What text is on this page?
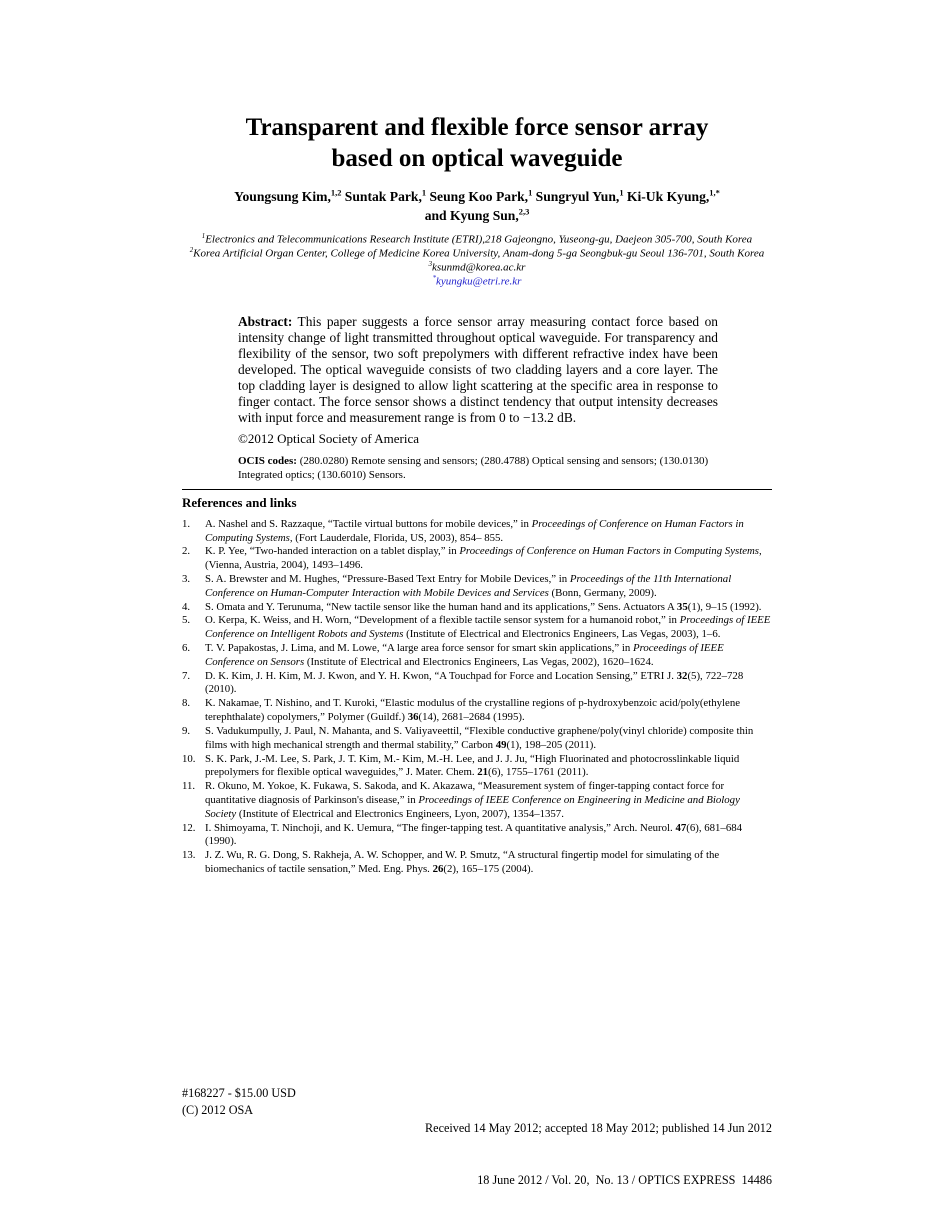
Transparent and flexible force sensor array
based on optical waveguide
Youngsung Kim,$^{1,2}$ Suntak Park,$^1$ Seung Koo Park,$^1$ Sungryul Yun,$^1$ Ki-Uk Kyung,$^{1,*}$
and Kyung Sun,$^{2,3}$
$^1$Electronics and Telecommunications Research Institute (ETRI),218 Gajeongno, Yuseong-gu, Daejeon 305-700, South Korea
$^2$Korea Artificial Organ Center, College of Medicine Korea University, Anam-dong 5-ga Seongbuk-gu Seoul 136-701, South Korea
$^3$ksunmd@korea.ac.kr
*kyungku@etri.re.kr

Abstract: This paper suggests a force sensor array measuring contact force based on intensity change of light transmitted throughout optical waveguide. For transparency and flexibility of the sensor, two soft prepolymers with different refractive index have been developed. The optical waveguide consists of two cladding layers and a core layer. The top cladding layer is designed to allow light scattering at the specific area in response to finger contact. The force sensor shows a distinct tendency that output intensity decreases with input force and measurement range is from 0 to −13.2 dB.

©2012 Optical Society of America

OCIS codes: (280.0280) Remote sensing and sensors; (280.4788) Optical sensing and sensors; (130.0130) Integrated optics; (130.6010) Sensors.

References and links
1. A. Nashel and S. Razzaque, “Tactile virtual buttons for mobile devices,” in Proceedings of Conference on Human Factors in Computing Systems, (Fort Lauderdale, Florida, US, 2003), 854– 855.
2. K. P. Yee, “Two-handed interaction on a tablet display,” in Proceedings of Conference on Human Factors in Computing Systems, (Vienna, Austria, 2004), 1493–1496.
3. S. A. Brewster and M. Hughes, “Pressure-Based Text Entry for Mobile Devices,” in Proceedings of the 11th International Conference on Human-Computer Interaction with Mobile Devices and Services (Bonn, Germany, 2009).
4. S. Omata and Y. Terunuma, “New tactile sensor like the human hand and its applications,” Sens. Actuators A 35(1), 9–15 (1992).
5. O. Kerpa, K. Weiss, and H. Worn, “Development of a flexible tactile sensor system for a humanoid robot,” in Proceedings of IEEE Conference on Intelligent Robots and Systems (Institute of Electrical and Electronics Engineers, Las Vegas, 2003), 1–6.
6. T. V. Papakostas, J. Lima, and M. Lowe, “A large area force sensor for smart skin applications,” in Proceedings of IEEE Conference on Sensors (Institute of Electrical and Electronics Engineers, Las Vegas, 2002), 1620–1624.
7. D. K. Kim, J. H. Kim, M. J. Kwon, and Y. H. Kwon, “A Touchpad for Force and Location Sensing,” ETRI J. 32(5), 722–728 (2010).
8. K. Nakamae, T. Nishino, and T. Kuroki, “Elastic modulus of the crystalline regions of p-hydroxybenzoic acid/poly(ethylene terephthalate) copolymers,” Polymer (Guildf.) 36(14), 2681–2684 (1995).
9. S. Vadukumpully, J. Paul, N. Mahanta, and S. Valiyaveettil, “Flexible conductive graphene/poly(vinyl chloride) composite thin films with high mechanical strength and thermal stability,” Carbon 49(1), 198–205 (2011).
10. S. K. Park, J.-M. Lee, S. Park, J. T. Kim, M.- Kim, M.-H. Lee, and J. J. Ju, “High Fluorinated and photocrosslinkable liquid prepolymers for flexible optical waveguides,” J. Mater. Chem. 21(6), 1755–1761 (2011).
11. R. Okuno, M. Yokoe, K. Fukawa, S. Sakoda, and K. Akazawa, “Measurement system of finger-tapping contact force for quantitative diagnosis of Parkinson's disease,” in Proceedings of IEEE Conference on Engineering in Medicine and Biology Society (Institute of Electrical and Electronics Engineers, Lyon, 2007), 1354–1357.
12. I. Shimoyama, T. Ninchoji, and K. Uemura, “The finger-tapping test. A quantitative analysis,” Arch. Neurol. 47(6), 681–684 (1990).
13. J. Z. Wu, R. G. Dong, S. Rakheja, A. W. Schopper, and W. P. Smutz, “A structural fingertip model for simulating of the biomechanics of tactile sensation,” Med. Eng. Phys. 26(2), 165–175 (2004).
#168227 - $15.00 USD
(C) 2012 OSA

Received 14 May 2012; accepted 18 May 2012; published 14 Jun 2012

18 June 2012 / Vol. 20,  No. 13 / OPTICS EXPRESS  14486
